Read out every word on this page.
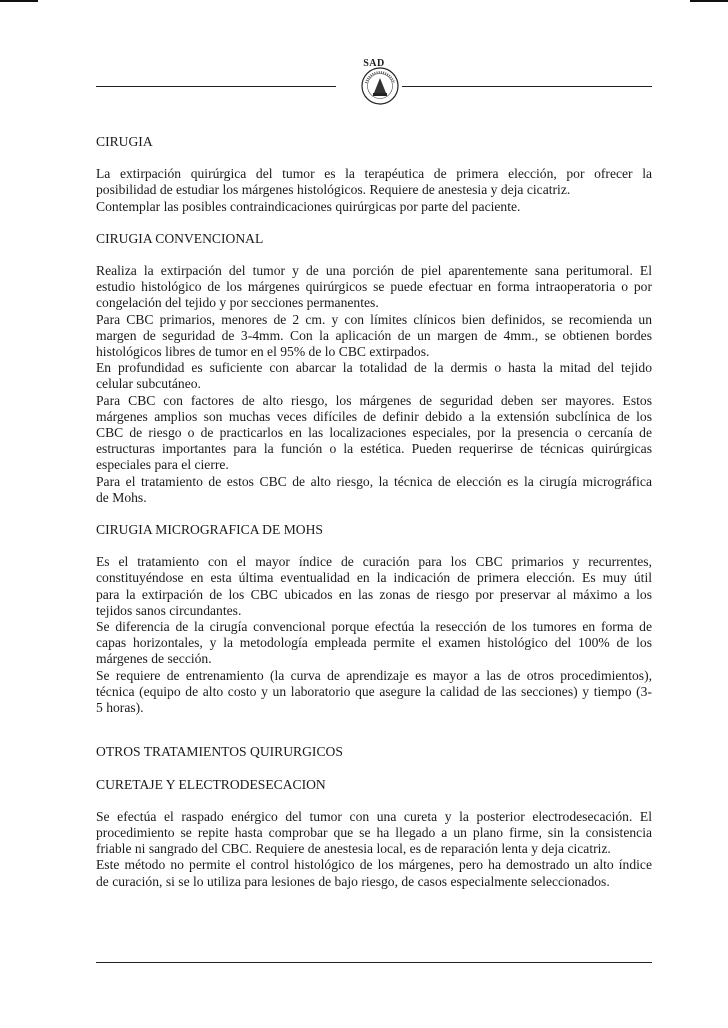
SAD
CIRUGIA
La extirpación quirúrgica del tumor es la terapéutica de primera elección, por ofrecer la
posibilidad de estudiar los márgenes histológicos. Requiere de anestesia y deja cicatriz.
Contemplar las posibles contraindicaciones quirúrgicas por parte del paciente.
CIRUGIA CONVENCIONAL
Realiza la extirpación del tumor y de una porción de piel aparentemente sana peritumoral. El
estudio histológico de los márgenes quirúrgicos se puede efectuar en forma intraoperatoria o por
congelación del tejido y por secciones permanentes.
Para CBC primarios, menores de 2 cm. y con límites clínicos bien definidos, se recomienda un
margen de seguridad de 3-4mm. Con la aplicación de un margen de 4mm., se obtienen bordes
histológicos libres de tumor en el 95% de lo CBC extirpados.
En profundidad es suficiente con abarcar la totalidad de la dermis o hasta la mitad del tejido
celular subcutáneo.
Para CBC con factores de alto riesgo, los márgenes de seguridad deben ser mayores. Estos
márgenes amplios son muchas veces difíciles de definir debido a la extensión subclínica de los
CBC de riesgo o de practicarlos en las localizaciones especiales, por la presencia o cercanía de
estructuras importantes para la función o la estética. Pueden requerirse de técnicas quirúrgicas
especiales para el cierre.
Para el tratamiento de estos CBC de alto riesgo, la técnica de elección es la cirugía micrográfica
de Mohs.
CIRUGIA MICROGRAFICA DE MOHS
Es el tratamiento con el mayor índice de curación para los CBC primarios y recurrentes,
constituyéndose en esta última eventualidad en la indicación de primera elección. Es muy útil
para la extirpación de los CBC ubicados en las zonas de riesgo por preservar al máximo a los
tejidos sanos circundantes.
Se diferencia de la cirugía convencional porque efectúa la resección de los tumores en forma de
capas horizontales, y la metodología empleada permite el examen histológico del 100% de los
márgenes de sección.
Se requiere de entrenamiento (la curva de aprendizaje es mayor a las de otros procedimientos),
técnica (equipo de alto costo y un laboratorio que asegure la calidad de las secciones) y tiempo (3-
5 horas).
OTROS TRATAMIENTOS QUIRURGICOS
CURETAJE Y ELECTRODESECACION
Se efectúa el raspado enérgico del tumor con una cureta y la posterior electrodesecación. El
procedimiento se repite hasta comprobar que se ha llegado a un plano firme, sin la consistencia
friable ni sangrado del CBC. Requiere de anestesia local, es de reparación lenta y deja cicatriz.
Este método no permite el control histológico de los márgenes, pero ha demostrado un alto índice
de curación, si se lo utiliza para lesiones de bajo riesgo, de casos especialmente seleccionados.
